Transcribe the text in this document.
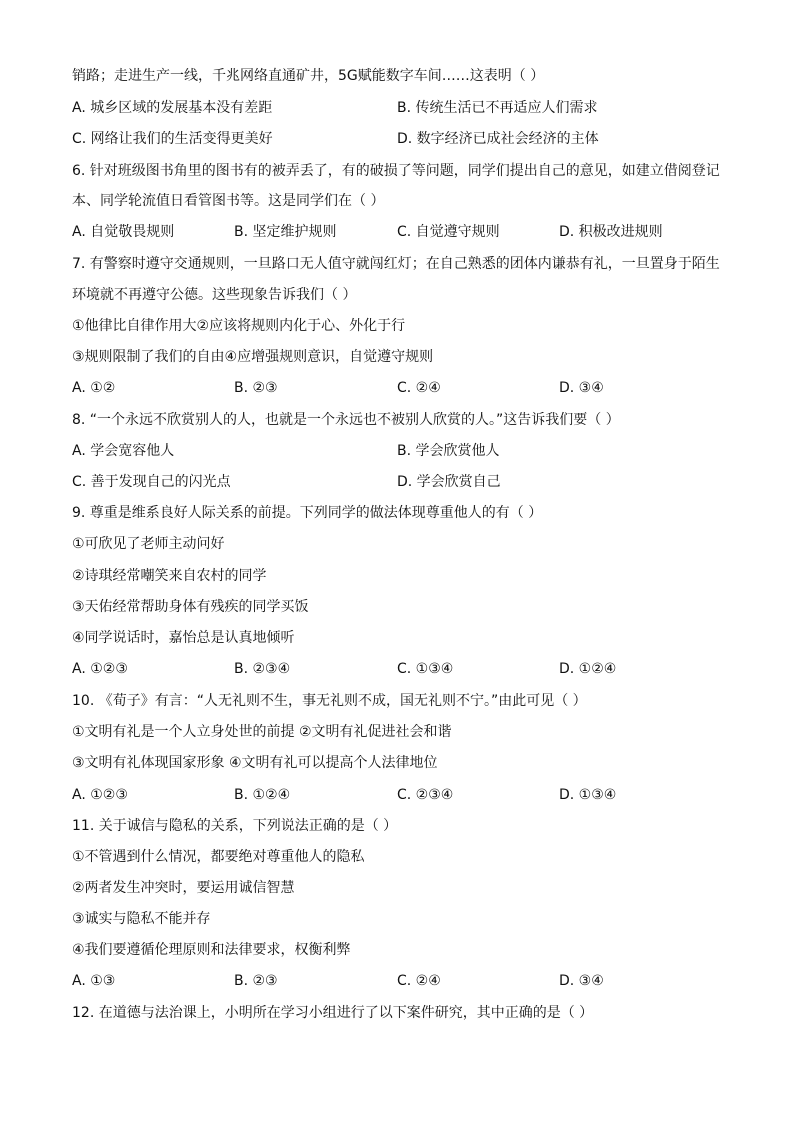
销路；走进生产一线，千兆网络直通矿井，5G赋能数字车间……这表明（ ）
A. 城乡区域的发展基本没有差距	B. 传统生活已不再适应人们需求
C. 网络让我们的生活变得更美好	D. 数字经济已成社会经济的主体
6. 针对班级图书角里的图书有的被弄丢了，有的破损了等问题，同学们提出自己的意见，如建立借阅登记
本、同学轮流值日看管图书等。这是同学们在（ ）
A. 自觉敬畏规则	B. 坚定维护规则	C. 自觉遵守规则	D. 积极改进规则
7. 有警察时遵守交通规则，一旦路口无人值守就闯红灯；在自己熟悉的团体内谦恭有礼，一旦置身于陌生
环境就不再遵守公德。这些现象告诉我们（ ）
①他律比自律作用大②应该将规则内化于心、外化于行
③规则限制了我们的自由④应增强规则意识，自觉遵守规则
A. ①②	B. ②③	C. ②④	D. ③④
8. “一个永远不欣赏别人的人，也就是一个永远也不被别人欣赏的人。”这告诉我们要（ ）
A. 学会宽容他人	B. 学会欣赏他人
C. 善于发现自己的闪光点	D. 学会欣赏自己
9. 尊重是维系良好人际关系的前提。下列同学的做法体现尊重他人的有（ ）
①可欣见了老师主动问好
②诗琪经常嘲笑来自农村的同学
③天佑经常帮助身体有残疾的同学买饭
④同学说话时，嘉怡总是认真地倾听
A. ①②③	B. ②③④	C. ①③④	D. ①②④
10. 《荀子》有言：“人无礼则不生，事无礼则不成，国无礼则不宁。”由此可见（ ）
①文明有礼是一个人立身处世的前提 ②文明有礼促进社会和谐
③文明有礼体现国家形象 ④文明有礼可以提高个人法律地位
A. ①②③	B. ①②④	C. ②③④	D. ①③④
11. 关于诚信与隐私的关系，下列说法正确的是（ ）
①不管遇到什么情况，都要绝对尊重他人的隐私
②两者发生冲突时，要运用诚信智慧
③诚实与隐私不能并存
④我们要遵循伦理原则和法律要求，权衡利弊
A. ①③	B. ②③	C. ②④	D. ③④
12. 在道德与法治课上，小明所在学习小组进行了以下案件研究，其中正确的是（ ）
